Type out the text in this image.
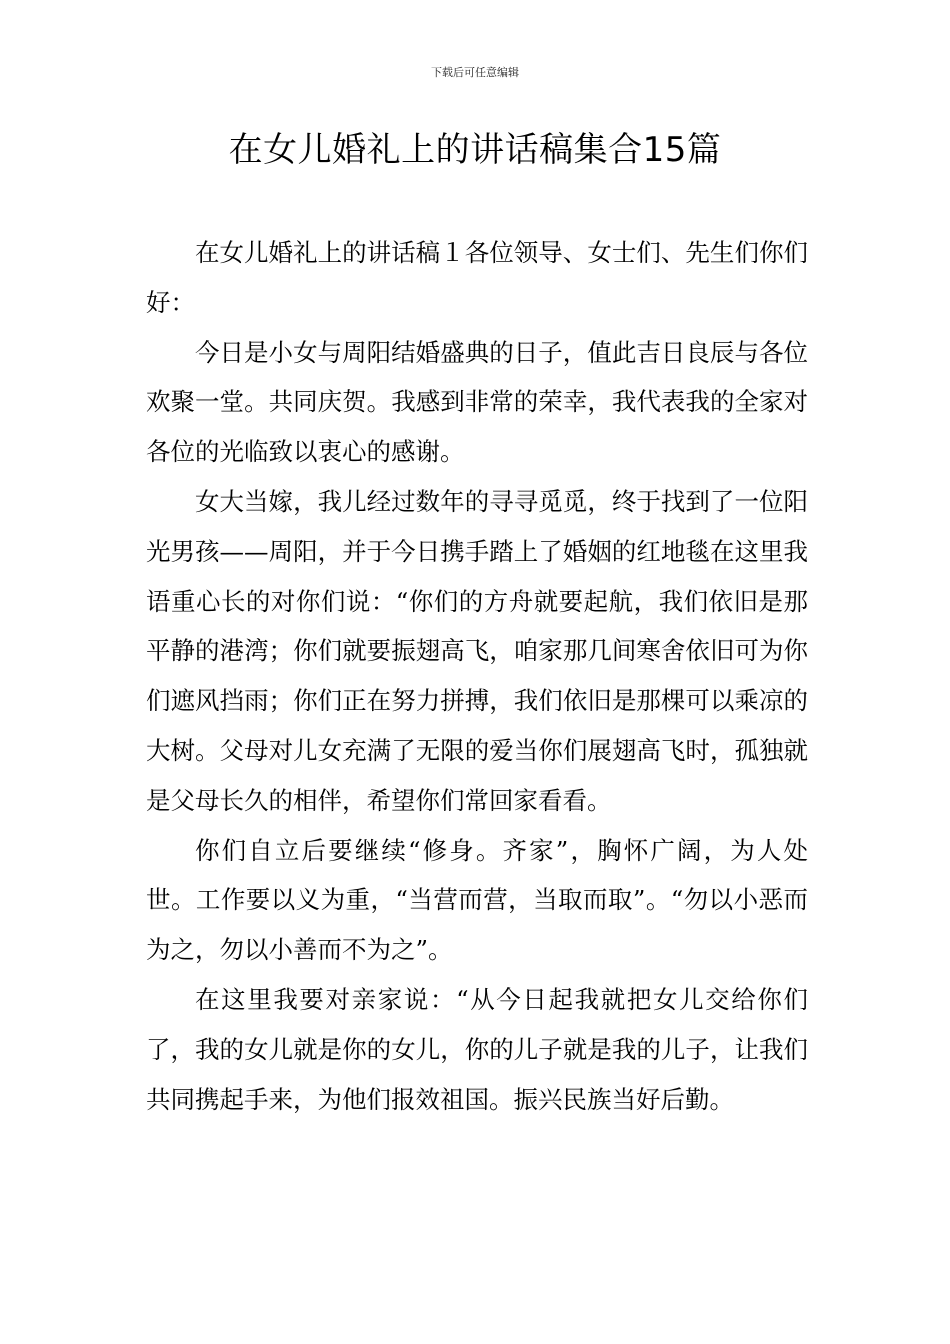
下载后可任意编辑
在女儿婚礼上的讲话稿集合15篇

在女儿婚礼上的讲话稿１各位领导、女士们、先生们你们好：

今日是小女与周阳结婚盛典的日子，值此吉日良辰与各位欢聚一堂。共同庆贺。我感到非常的荣幸，我代表我的全家对各位的光临致以衷心的感谢。

女大当嫁，我儿经过数年的寻寻觅觅，终于找到了一位阳光男孩——周阳，并于今日携手踏上了婚姻的红地毯在这里我语重心长的对你们说：“你们的方舟就要起航，我们依旧是那平静的港湾；你们就要振翅高飞，咱家那几间寒舍依旧可为你们遮风挡雨；你们正在努力拼搏，我们依旧是那棵可以乘凉的大树。父母对儿女充满了无限的爱当你们展翅高飞时，孤独就是父母长久的相伴，希望你们常回家看看。

你们自立后要继续“修身。齐家”，胸怀广阔，为人处世。工作要以义为重，“当营而营，当取而取”。“勿以小恶而为之，勿以小善而不为之”。

在这里我要对亲家说：“从今日起我就把女儿交给你们了，我的女儿就是你的女儿，你的儿子就是我的儿子，让我们共同携起手来，为他们报效祖国。振兴民族当好后勤。
